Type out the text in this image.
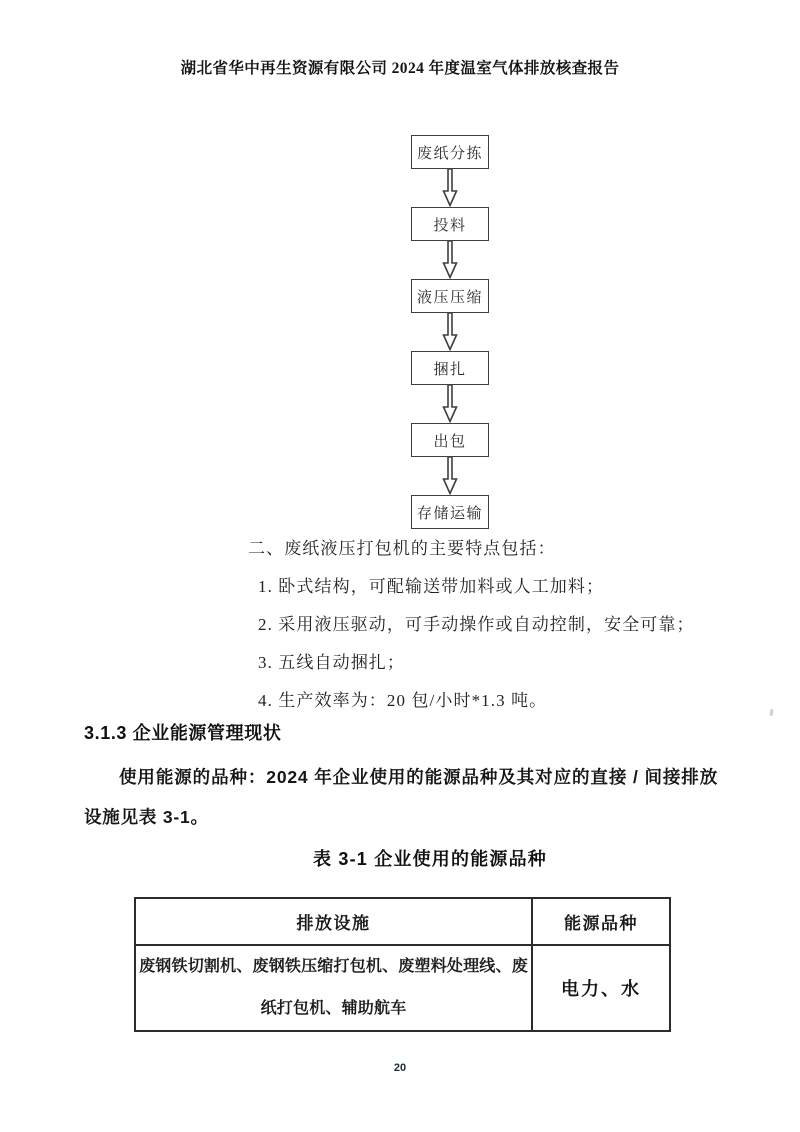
湖北省华中再生资源有限公司 2024 年度温室气体排放核查报告
废纸分拣
投料
液压压缩
捆扎
出包
存储运输
二、废纸液压打包机的主要特点包括：
1. 卧式结构，可配输送带加料或人工加料；
2. 采用液压驱动，可手动操作或自动控制，安全可靠；
3. 五线自动捆扎；
4. 生产效率为：20 包/小时*1.3 吨。
3.1.3 企业能源管理现状
使用能源的品种：2024 年企业使用的能源品种及其对应的直接 / 间接排放设施见表 3-1。
表 3-1 企业使用的能源品种
排放设施	能源品种
废钢铁切割机、废钢铁压缩打包机、废塑料处理线、废纸打包机、辅助航车	电力、水
20
